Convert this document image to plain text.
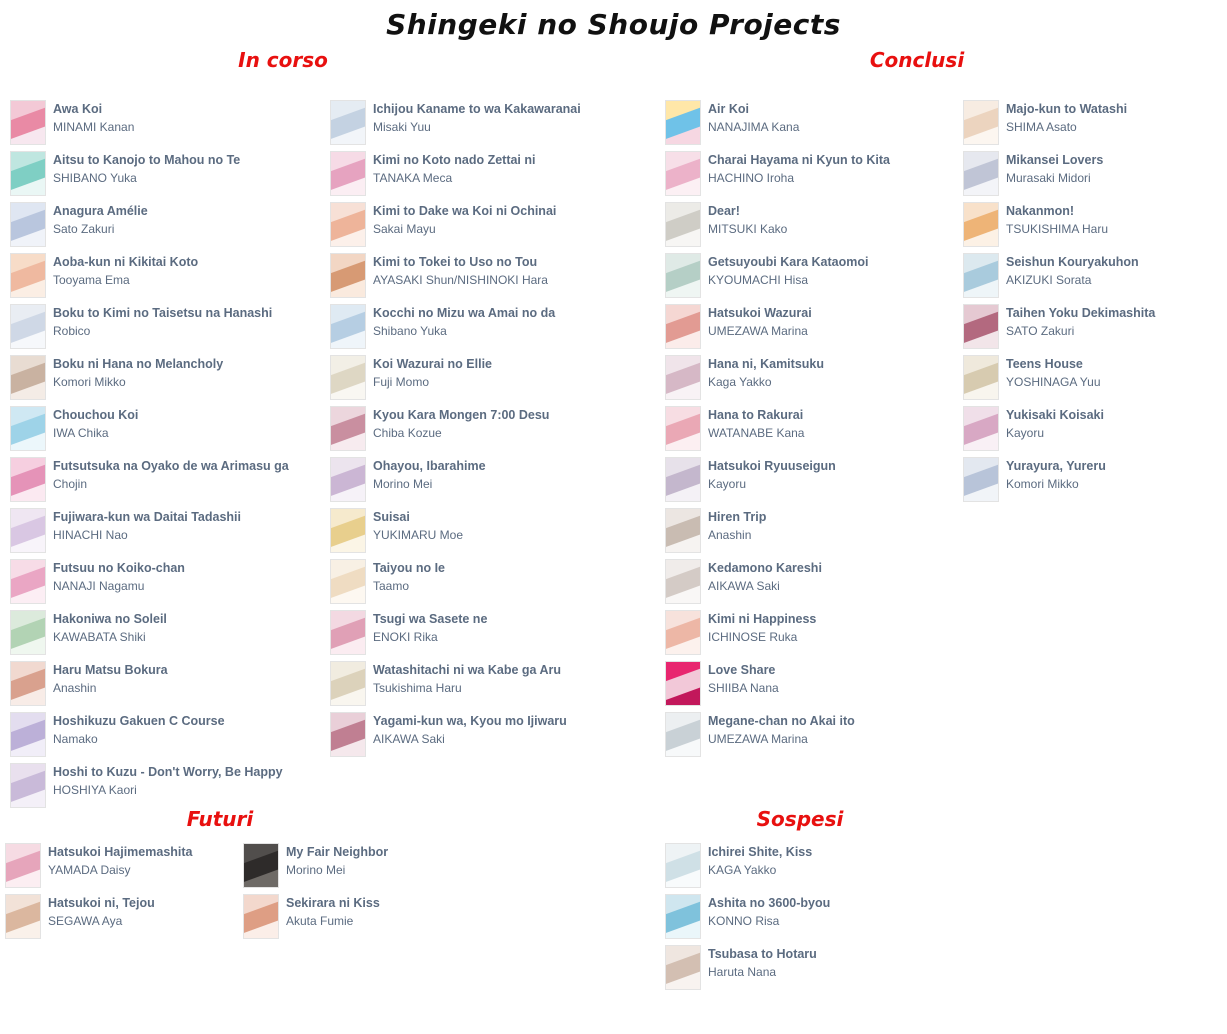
Shingeki no Shoujo Projects
In corso	Conclusi
Futuri	Sospesi
Awa Koi
MINAMI Kanan
Aitsu to Kanojo to Mahou no Te
SHIBANO Yuka
Anagura Amélie
Sato Zakuri
Aoba-kun ni Kikitai Koto
Tooyama Ema
Boku to Kimi no Taisetsu na Hanashi
Robico
Boku ni Hana no Melancholy
Komori Mikko
Chouchou Koi
IWA Chika
Futsutsuka na Oyako de wa Arimasu ga
Chojin
Fujiwara-kun wa Daitai Tadashii
HINACHI Nao
Futsuu no Koiko-chan
NANAJI Nagamu
Hakoniwa no Soleil
KAWABATA Shiki
Haru Matsu Bokura
Anashin
Hoshikuzu Gakuen C Course
Namako
Hoshi to Kuzu - Don't Worry, Be Happy
HOSHIYA Kaori
Ichijou Kaname to wa Kakawaranai
Misaki Yuu
Kimi no Koto nado Zettai ni
TANAKA Meca
Kimi to Dake wa Koi ni Ochinai
Sakai Mayu
Kimi to Tokei to Uso no Tou
AYASAKI Shun/NISHINOKI Hara
Kocchi no Mizu wa Amai no da
Shibano Yuka
Koi Wazurai no Ellie
Fuji Momo
Kyou Kara Mongen 7:00 Desu
Chiba Kozue
Ohayou, Ibarahime
Morino Mei
Suisai
YUKIMARU Moe
Taiyou no Ie
Taamo
Tsugi wa Sasete ne
ENOKI Rika
Watashitachi ni wa Kabe ga Aru
Tsukishima Haru
Yagami-kun wa, Kyou mo Ijiwaru
AIKAWA Saki
Air Koi
NANAJIMA Kana
Charai Hayama ni Kyun to Kita
HACHINO Iroha
Dear!
MITSUKI Kako
Getsuyoubi Kara Kataomoi
KYOUMACHI Hisa
Hatsukoi Wazurai
UMEZAWA Marina
Hana ni, Kamitsuku
Kaga Yakko
Hana to Rakurai
WATANABE Kana
Hatsukoi Ryuuseigun
Kayoru
Hiren Trip
Anashin
Kedamono Kareshi
AIKAWA Saki
Kimi ni Happiness
ICHINOSE Ruka
Love Share
SHIIBA Nana
Megane-chan no Akai ito
UMEZAWA Marina
Majo-kun to Watashi
SHIMA Asato
Mikansei Lovers
Murasaki Midori
Nakanmon!
TSUKISHIMA Haru
Seishun Kouryakuhon
AKIZUKI Sorata
Taihen Yoku Dekimashita
SATO Zakuri
Teens House
YOSHINAGA Yuu
Yukisaki Koisaki
Kayoru
Yurayura, Yureru
Komori Mikko
Hatsukoi Hajimemashita
YAMADA Daisy
Hatsukoi ni, Tejou
SEGAWA Aya
My Fair Neighbor
Morino Mei
Sekirara ni Kiss
Akuta Fumie
Ichirei Shite, Kiss
KAGA Yakko
Ashita no 3600-byou
KONNO Risa
Tsubasa to Hotaru
Haruta Nana
